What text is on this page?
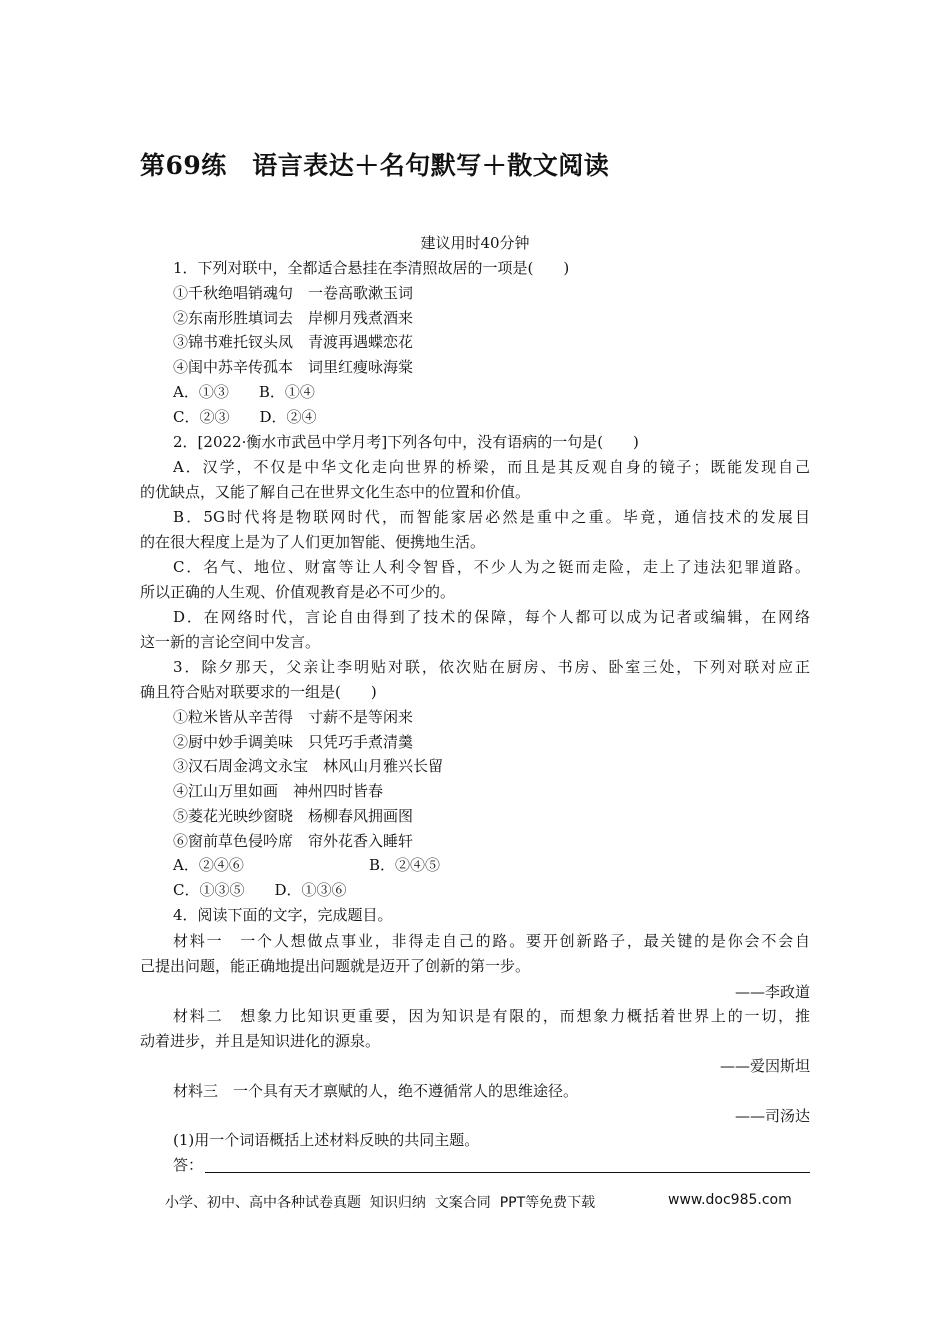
第69练　语言表达＋名句默写＋散文阅读
建议用时40分钟
1．下列对联中，全都适合悬挂在李清照故居的一项是(　　)
①千秋绝唱销魂句　一卷高歌漱玉词
②东南形胜填词去　岸柳月残煮酒来
③锦书难托钗头凤　青渡再遇蝶恋花
④闺中苏辛传孤本　词里红瘦咏海棠
A．①③　　B．①④
C．②③　　D．②④
2．[2022·衡水市武邑中学月考]下列各句中，没有语病的一句是(　　)
A．汉学，不仅是中华文化走向世界的桥梁，而且是其反观自身的镜子；既能发现自己
的优缺点，又能了解自己在世界文化生态中的位置和价值。
B．5G时代将是物联网时代，而智能家居必然是重中之重。毕竟，通信技术的发展目
的在很大程度上是为了人们更加智能、便携地生活。
C．名气、地位、财富等让人利令智昏，不少人为之铤而走险，走上了违法犯罪道路。
所以正确的人生观、价值观教育是必不可少的。
D．在网络时代，言论自由得到了技术的保障，每个人都可以成为记者或编辑，在网络
这一新的言论空间中发言。
3．除夕那天，父亲让李明贴对联，依次贴在厨房、书房、卧室三处，下列对联对应正
确且符合贴对联要求的一组是(　　)
①粒米皆从辛苦得　寸薪不是等闲来
②厨中妙手调美味　只凭巧手煮清羹
③汉石周金鸿文永宝　林风山月雅兴长留
④江山万里如画　神州四时皆春
⑤菱花光映纱窗晓　杨柳春风拥画图
⑥窗前草色侵吟席　帘外花香入睡轩
A．②④⑥	B．②④⑤
C．①③⑤　　D．①③⑥
4．阅读下面的文字，完成题目。
材料一　一个人想做点事业，非得走自己的路。要开创新路子，最关键的是你会不会自
己提出问题，能正确地提出问题就是迈开了创新的第一步。
——李政道
材料二　想象力比知识更重要，因为知识是有限的，而想象力概括着世界上的一切，推
动着进步，并且是知识进化的源泉。
——爱因斯坦
材料三　一个具有天才禀赋的人，绝不遵循常人的思维途径。
——司汤达
(1)用一个词语概括上述材料反映的共同主题。
答：
小学、初中、高中各种试卷真题  知识归纳  文案合同  PPT等免费下载	www.doc985.com
